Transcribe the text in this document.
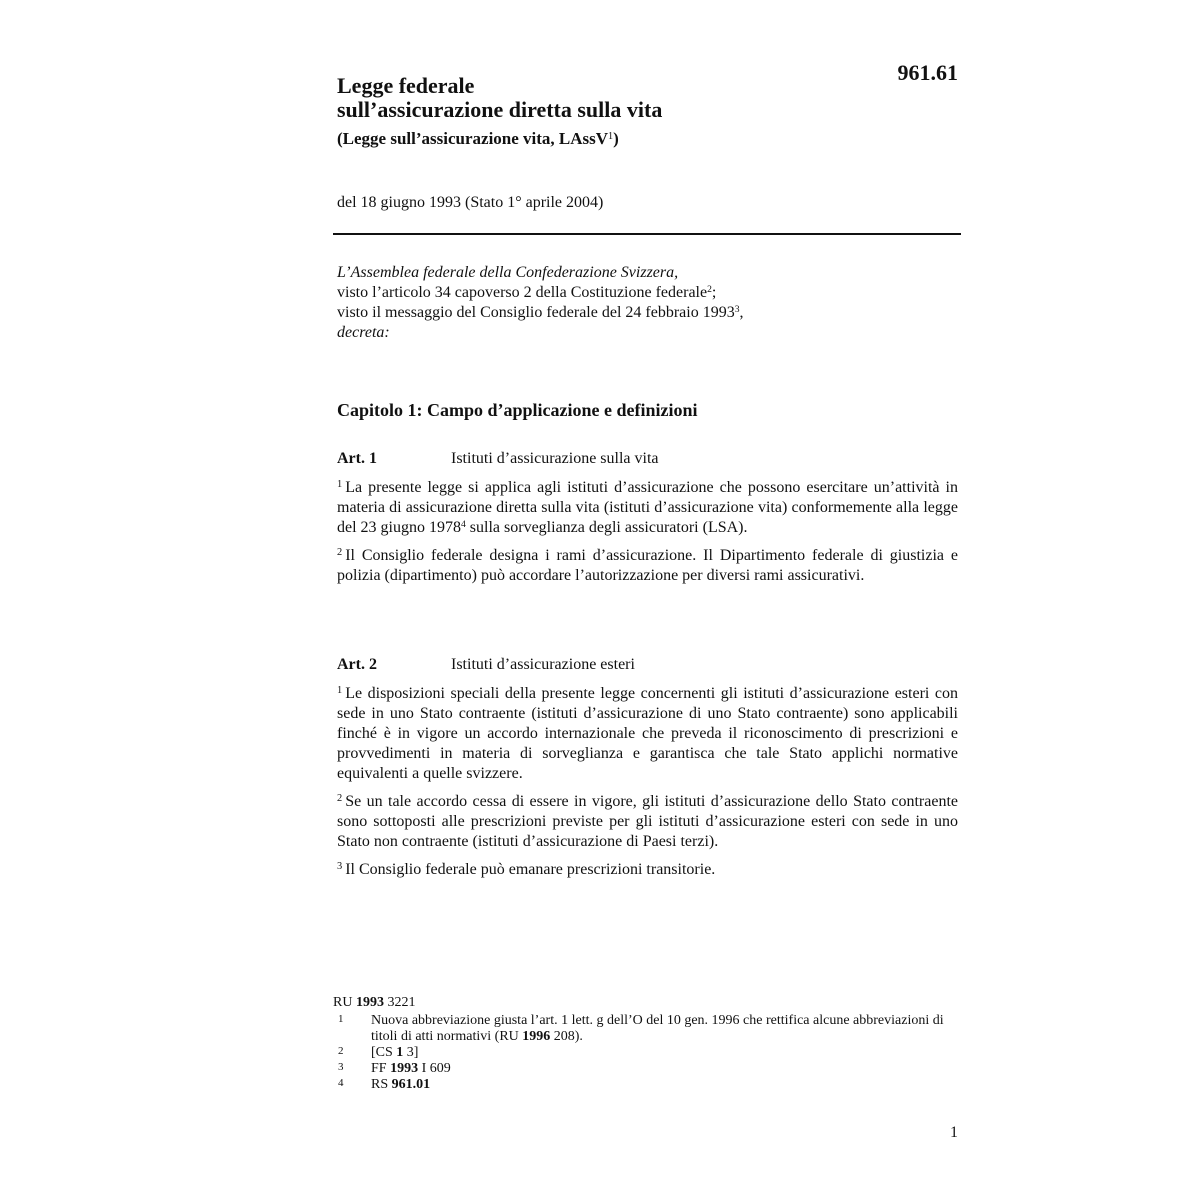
961.61
Legge federale
sull’assicurazione diretta sulla vita
(Legge sull’assicurazione vita, LAssV$^1$)
del 18 giugno 1993 (Stato 1° aprile 2004)
L’Assemblea federale della Confederazione Svizzera,
visto l’articolo 34 capoverso 2 della Costituzione federale$^2$;
visto il messaggio del Consiglio federale del 24 febbraio 1993$^3$,
decreta:
Capitolo 1: Campo d’applicazione e definizioni
Art. 1	Istituti d’assicurazione sulla vita

$^1$ La presente legge si applica agli istituti d’assicurazione che possono esercitare un’attività in materia di assicurazione diretta sulla vita (istituti d’assicurazione vita) conformemente alla legge del 23 giugno 1978$^4$ sulla sorveglianza degli assicuratori (LSA).

$^2$ Il Consiglio federale designa i rami d’assicurazione. Il Dipartimento federale di giustizia e polizia (dipartimento) può accordare l’autorizzazione per diversi rami assicurativi.

Art. 2	Istituti d’assicurazione esteri

$^1$ Le disposizioni speciali della presente legge concernenti gli istituti d’assicurazione esteri con sede in uno Stato contraente (istituti d’assicurazione di uno Stato contraente) sono applicabili finché è in vigore un accordo internazionale che preveda il riconoscimento di prescrizioni e provvedimenti in materia di sorveglianza e garantisca che tale Stato applichi normative equivalenti a quelle svizzere.

$^2$ Se un tale accordo cessa di essere in vigore, gli istituti d’assicurazione dello Stato contraente sono sottoposti alle prescrizioni previste per gli istituti d’assicurazione esteri con sede in uno Stato non contraente (istituti d’assicurazione di Paesi terzi).

$^3$ Il Consiglio federale può emanare prescrizioni transitorie.

RU 1993 3221
1 Nuova abbreviazione giusta l’art. 1 lett. g dell’O del 10 gen. 1996 che rettifica alcune abbreviazioni di titoli di atti normativi (RU 1996 208).
2 [CS 1 3]
3 FF 1993 I 609
4 RS 961.01
1
